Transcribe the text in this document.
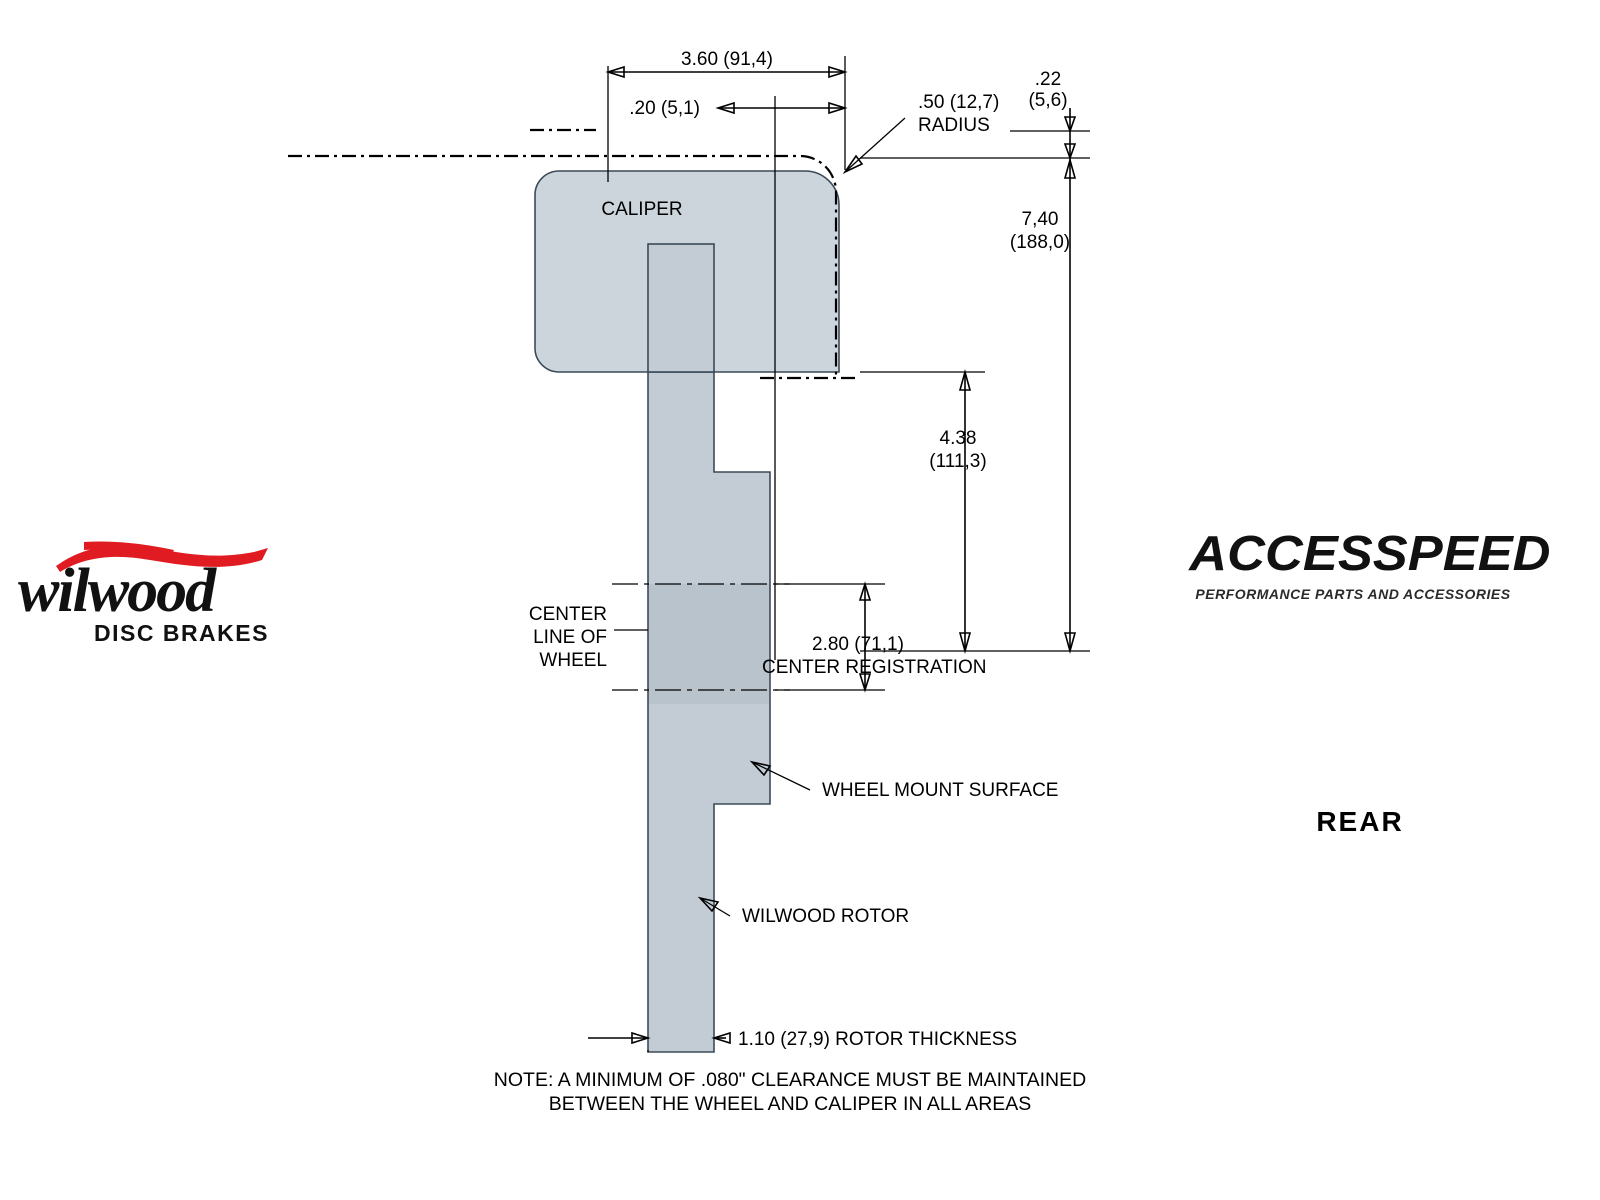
CALIPER
3.60 (91,4)
.20 (5,1)	.50 (12,7)
RADIUS
.22
(5,6)
7,40
(188,0)
4.38
(111,3)
CENTER
LINE OF
WHEEL
2.80 (71,1)
CENTER REGISTRATION
WHEEL MOUNT SURFACE
WILWOOD ROTOR
1.10 (27,9) ROTOR THICKNESS
NOTE: A MINIMUM OF .080" CLEARANCE MUST BE MAINTAINED
BETWEEN THE WHEEL AND CALIPER IN ALL AREAS
wilwood
DISC BRAKES
ACCESSPEED
PERFORMANCE PARTS AND ACCESSORIES
REAR
